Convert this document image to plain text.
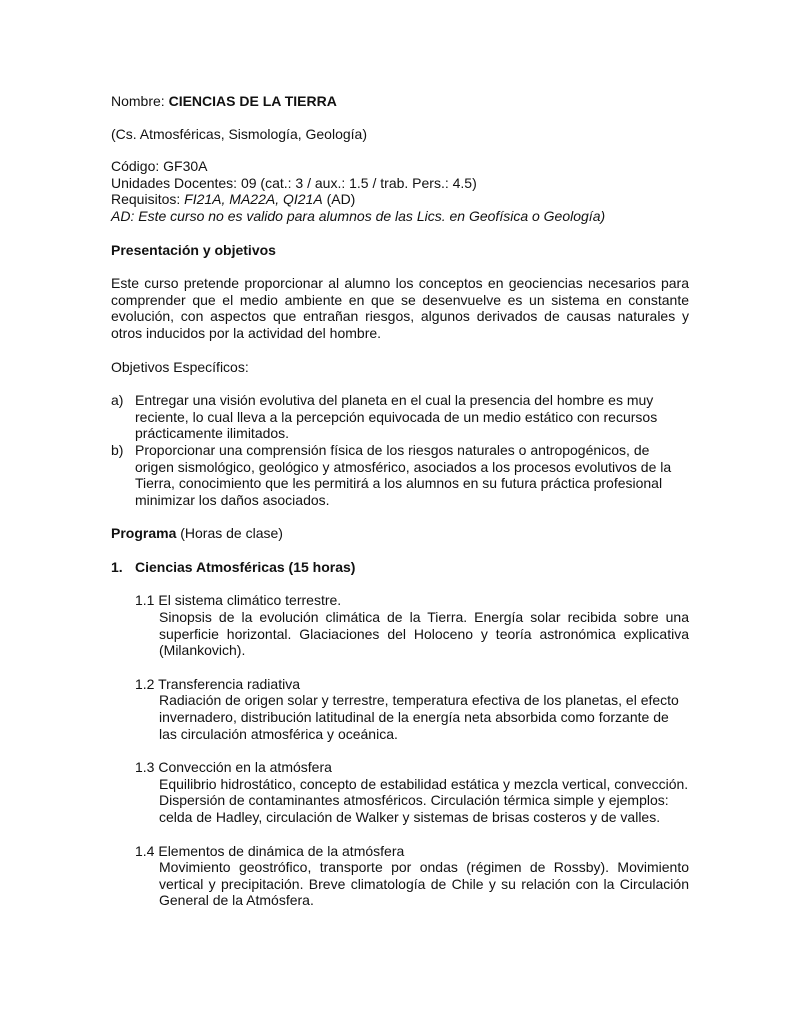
Nombre: CIENCIAS DE LA TIERRA

(Cs. Atmosféricas, Sismología, Geología)

Código: GF30A

Unidades Docentes: 09 (cat.: 3 / aux.: 1.5 / trab. Pers.: 4.5)

Requisitos: FI21A, MA22A, QI21A (AD)

AD: Este curso no es valido para alumnos de las Lics. en Geofísica o Geología)

Presentación y objetivos

Este curso pretende proporcionar al alumno los conceptos en geociencias necesarios para comprender que el medio ambiente en que se desenvuelve es un sistema en constante evolución, con aspectos que entrañan riesgos, algunos derivados de causas naturales y otros inducidos por la actividad del hombre.

Objetivos Específicos:

a) Entregar una visión evolutiva del planeta en el cual la presencia del hombre es muy reciente, lo cual lleva a la percepción equivocada de un medio estático con recursos prácticamente ilimitados.
b) Proporcionar una comprensión física de los riesgos naturales o antropogénicos, de origen sismológico, geológico y atmosférico, asociados a los procesos evolutivos de la Tierra, conocimiento que les permitirá a los alumnos en su futura práctica profesional minimizar los daños asociados.

Programa (Horas de clase)

1. Ciencias Atmosféricas (15 horas)

1.1 El sistema climático terrestre.

Sinopsis de la evolución climática de la Tierra. Energía solar recibida sobre una superficie horizontal. Glaciaciones del Holoceno y teoría astronómica explicativa (Milankovich).

1.2 Transferencia radiativa

Radiación de origen solar y terrestre, temperatura efectiva de los planetas, el efecto invernadero, distribución latitudinal de la energía neta absorbida como forzante de las circulación atmosférica y oceánica.

1.3 Convección en la atmósfera

Equilibrio hidrostático, concepto de estabilidad estática y mezcla vertical, convección. Dispersión de contaminantes atmosféricos. Circulación térmica simple y ejemplos: celda de Hadley, circulación de Walker y sistemas de brisas costeros y de valles.

1.4 Elementos de dinámica de la atmósfera

Movimiento geostrófico, transporte por ondas (régimen de Rossby). Movimiento vertical y precipitación. Breve climatología de Chile y su relación con la Circulación General de la Atmósfera.
